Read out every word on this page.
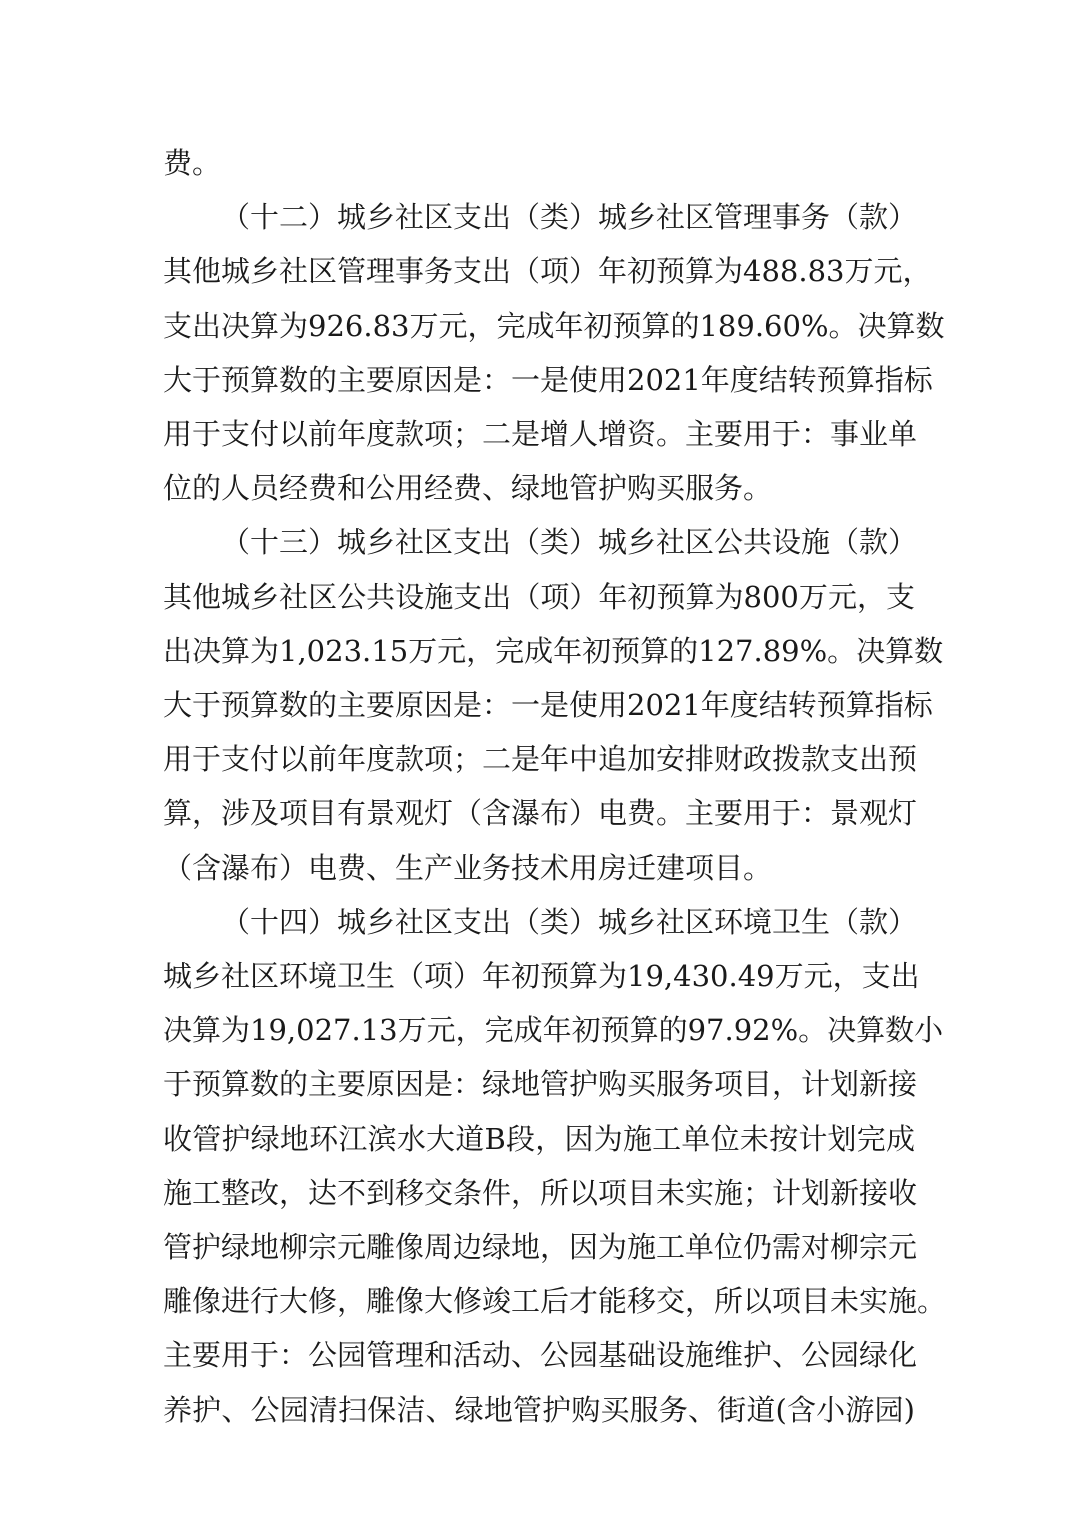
费。

（十二）城乡社区支出（类）城乡社区管理事务（款）
其他城乡社区管理事务支出（项）年初预算为488.83万元，
支出决算为926.83万元，完成年初预算的189.60%。决算数
大于预算数的主要原因是：一是使用2021年度结转预算指标
用于支付以前年度款项；二是增人增资。主要用于：事业单
位的人员经费和公用经费、绿地管护购买服务。

（十三）城乡社区支出（类）城乡社区公共设施（款）
其他城乡社区公共设施支出（项）年初预算为800万元，支
出决算为1,023.15万元，完成年初预算的127.89%。决算数
大于预算数的主要原因是：一是使用2021年度结转预算指标
用于支付以前年度款项；二是年中追加安排财政拨款支出预
算，涉及项目有景观灯（含瀑布）电费。主要用于：景观灯
（含瀑布）电费、生产业务技术用房迁建项目。

（十四）城乡社区支出（类）城乡社区环境卫生（款）
城乡社区环境卫生（项）年初预算为19,430.49万元，支出
决算为19,027.13万元，完成年初预算的97.92%。决算数小
于预算数的主要原因是：绿地管护购买服务项目，计划新接
收管护绿地环江滨水大道B段，因为施工单位未按计划完成
施工整改，达不到移交条件，所以项目未实施；计划新接收
管护绿地柳宗元雕像周边绿地，因为施工单位仍需对柳宗元
雕像进行大修，雕像大修竣工后才能移交，所以项目未实施。
主要用于：公园管理和活动、公园基础设施维护、公园绿化
养护、公园清扫保洁、绿地管护购买服务、街道(含小游园)
